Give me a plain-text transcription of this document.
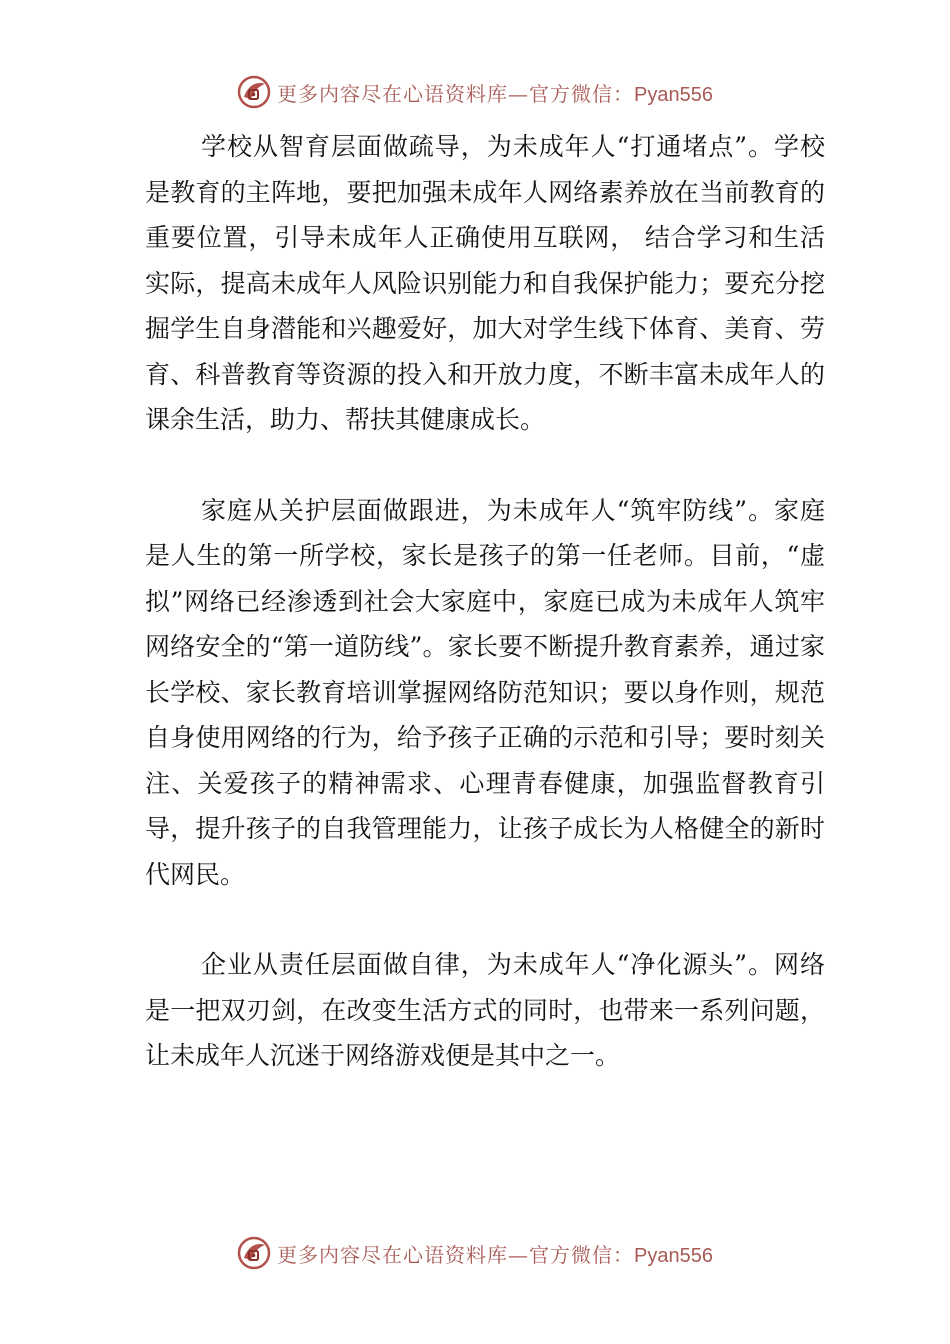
更多内容尽在心语资料库—官方微信：Pyan556

学校从智育层面做疏导，为未成年人“打通堵点”。学校是教育的主阵地，要把加强未成年人网络素养放在当前教育的重要位置，引导未成年人正确使用互联网， 结合学习和生活实际，提高未成年人风险识别能力和自我保护能力；要充分挖掘学生自身潜能和兴趣爱好，加大对学生线下体育、美育、劳育、科普教育等资源的投入和开放力度，不断丰富未成年人的课余生活，助力、帮扶其健康成长。

家庭从关护层面做跟进，为未成年人“筑牢防线”。家庭是人生的第一所学校，家长是孩子的第一任老师。目前，“虚拟”网络已经渗透到社会大家庭中，家庭已成为未成年人筑牢网络安全的“第一道防线”。家长要不断提升教育素养，通过家长学校、家长教育培训掌握网络防范知识；要以身作则，规范自身使用网络的行为，给予孩子正确的示范和引导；要时刻关注、关爱孩子的精神需求、心理青春健康，加强监督教育引导，提升孩子的自我管理能力，让孩子成长为人格健全的新时代网民。

企业从责任层面做自律，为未成年人“净化源头”。网络是一把双刃剑，在改变生活方式的同时，也带来一系列问题，让未成年人沉迷于网络游戏便是其中之一。

更多内容尽在心语资料库—官方微信：Pyan556
